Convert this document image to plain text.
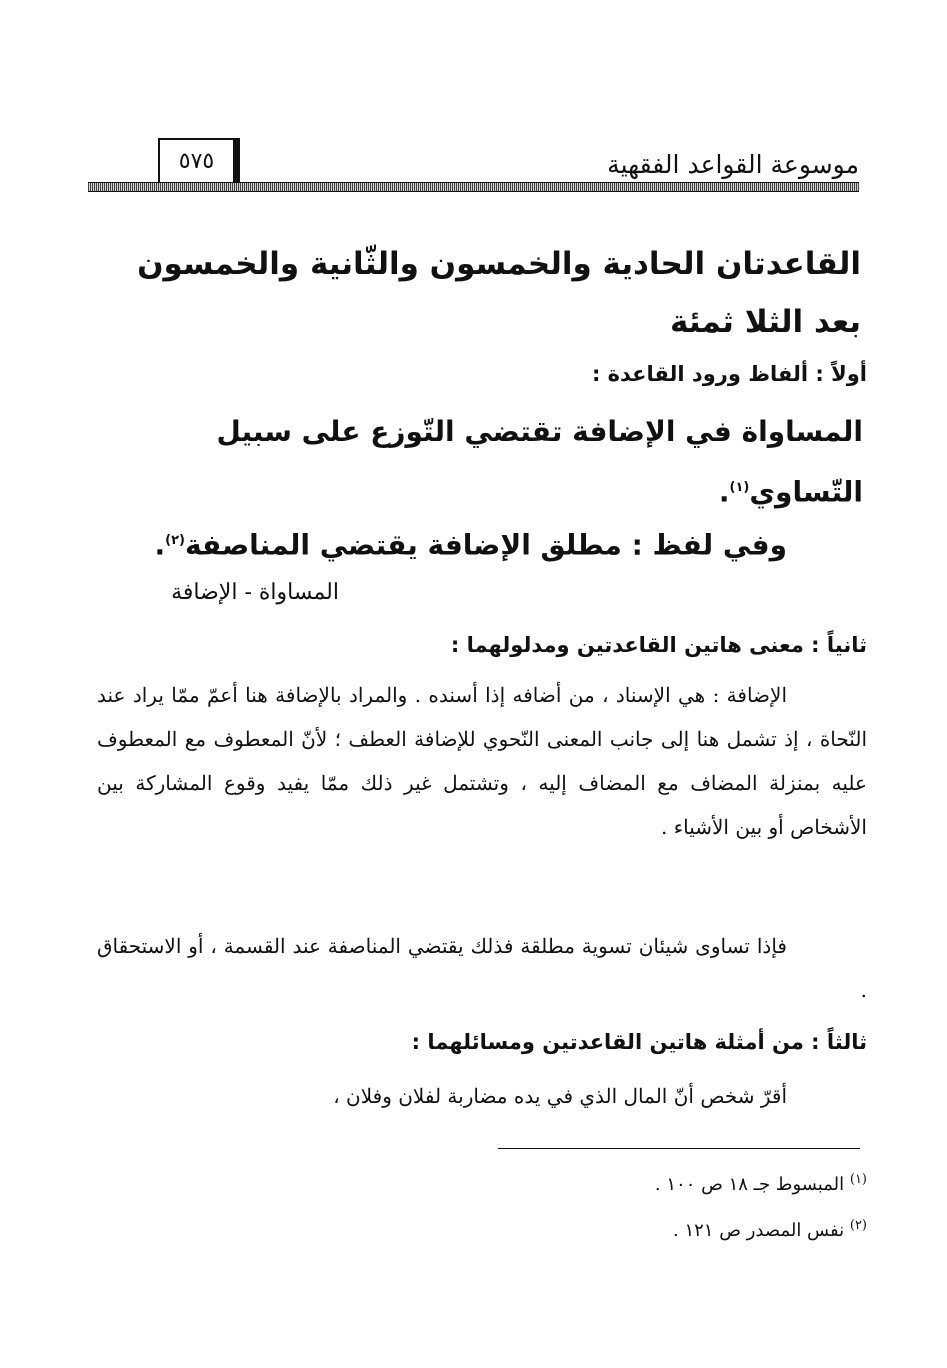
موسوعة القواعد الفقهية
٥٧٥
القاعدتان الحادية والخمسون والثّانية والخمسون بعد الثلا ثمئة
أولاً : ألفاظ ورود القاعدة :
المساواة في الإضافة تقتضي التّوزع على سبيل التّساوي$^{(١)}$.
وفي لفظ : مطلق الإضافة يقتضي المناصفة$^{(٢)}$.
المساواة - الإضافة
ثانياً : معنى هاتين القاعدتين ومدلولهما :
الإضافة : هي الإسناد ، من أضافه إذا أسنده . والمراد بالإضافة هنا أعمّ ممّا يراد عند النّحاة ، إذ تشمل هنا إلى جانب المعنى النّحوي للإضافة العطف ؛ لأنّ المعطوف مع المعطوف عليه بمنزلة المضاف مع المضاف إليه ، وتشتمل غير ذلك ممّا يفيد وقوع المشاركة بين الأشخاص أو بين الأشياء .
فإذا تساوى شيئان تسوية مطلقة فذلك يقتضي المناصفة عند القسمة ، أو الاستحقاق .
ثالثاً : من أمثلة هاتين القاعدتين ومسائلهما :
أقرّ شخص أنّ المال الذي في يده مضاربة لفلان وفلان ،
$^{(١)}$ المبسوط جـ ١٨ ص ١٠٠ .
$^{(٢)}$ نفس المصدر ص ١٢١ .
